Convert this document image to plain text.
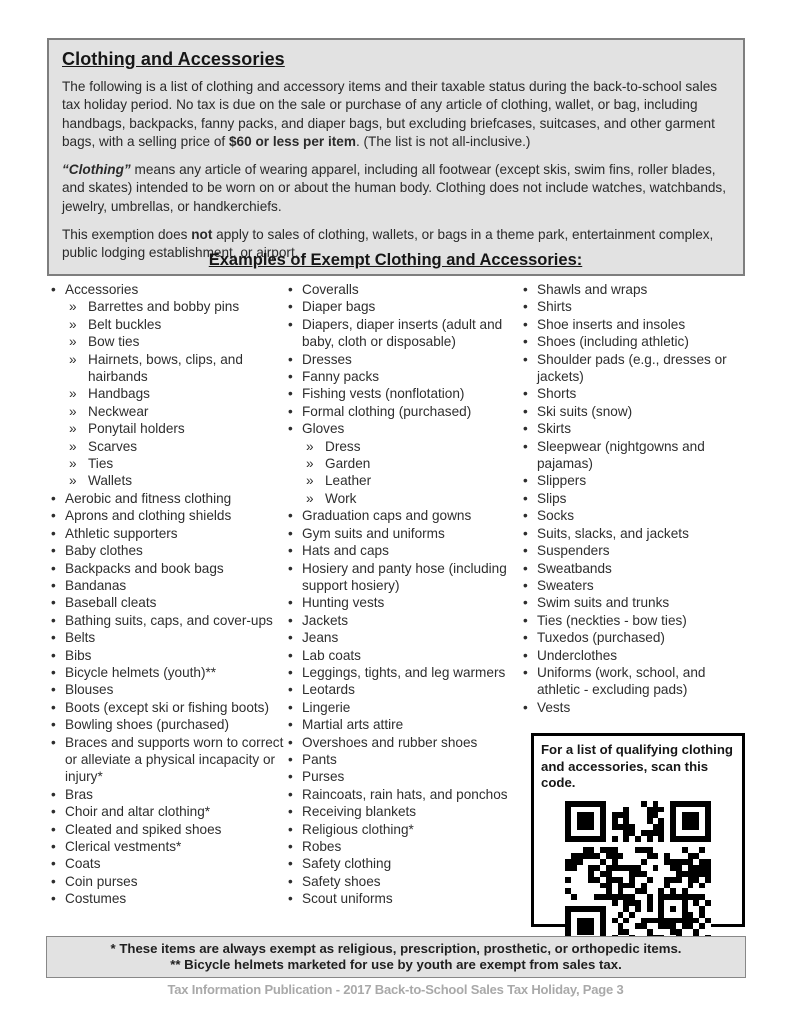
Clothing and Accessories

The following is a list of clothing and accessory items and their taxable status during the back-to-school sales tax holiday period. No tax is due on the sale or purchase of any article of clothing, wallet, or bag, including handbags, backpacks, fanny packs, and diaper bags, but excluding briefcases, suitcases, and other garment bags, with a selling price of $60 or less per item. (The list is not all-inclusive.)

“Clothing” means any article of wearing apparel, including all footwear (except skis, swim fins, roller blades, and skates) intended to be worn on or about the human body. Clothing does not include watches, watchbands, jewelry, umbrellas, or handkerchiefs.

This exemption does not apply to sales of clothing, wallets, or bags in a theme park, entertainment complex, public lodging establishment, or airport.

Examples of Exempt Clothing and Accessories:
• Accessories
» Barrettes and bobby pins
» Belt buckles
» Bow ties
» Hairnets, bows, clips, and hairbands
» Handbags
» Neckwear
» Ponytail holders
» Scarves
» Ties
» Wallets
• Aerobic and fitness clothing
• Aprons and clothing shields
• Athletic supporters
• Baby clothes
• Backpacks and book bags
• Bandanas
• Baseball cleats
• Bathing suits, caps, and cover-ups
• Belts
• Bibs
• Bicycle helmets (youth)**
• Blouses
• Boots (except ski or fishing boots)
• Bowling shoes (purchased)
• Braces and supports worn to correct or alleviate a physical incapacity or injury*
• Bras
• Choir and altar clothing*
• Cleated and spiked shoes
• Clerical vestments*
• Coats
• Coin purses
• Costumes
• Coveralls
• Diaper bags
• Diapers, diaper inserts (adult and baby, cloth or disposable)
• Dresses
• Fanny packs
• Fishing vests (nonflotation)
• Formal clothing (purchased)
• Gloves
» Dress
» Garden
» Leather
» Work
• Graduation caps and gowns
• Gym suits and uniforms
• Hats and caps
• Hosiery and panty hose (including support hosiery)
• Hunting vests
• Jackets
• Jeans
• Lab coats
• Leggings, tights, and leg warmers
• Leotards
• Lingerie
• Martial arts attire
• Overshoes and rubber shoes
• Pants
• Purses
• Raincoats, rain hats, and ponchos
• Receiving blankets
• Religious clothing*
• Robes
• Safety clothing
• Safety shoes
• Scout uniforms
• Shawls and wraps
• Shirts
• Shoe inserts and insoles
• Shoes (including athletic)
• Shoulder pads (e.g., dresses or jackets)
• Shorts
• Ski suits (snow)
• Skirts
• Sleepwear (nightgowns and pajamas)
• Slippers
• Slips
• Socks
• Suits, slacks, and jackets
• Suspenders
• Sweatbands
• Sweaters
• Swim suits and trunks
• Ties (neckties - bow ties)
• Tuxedos (purchased)
• Underclothes
• Uniforms (work, school, and athletic - excluding pads)
• Vests

For a list of qualifying clothing and accessories, scan this code.

* These items are always exempt as religious, prescription, prosthetic, or orthopedic items.

** Bicycle helmets marketed for use by youth are exempt from sales tax.

Tax Information Publication - 2017 Back-to-School Sales Tax Holiday, Page 3
